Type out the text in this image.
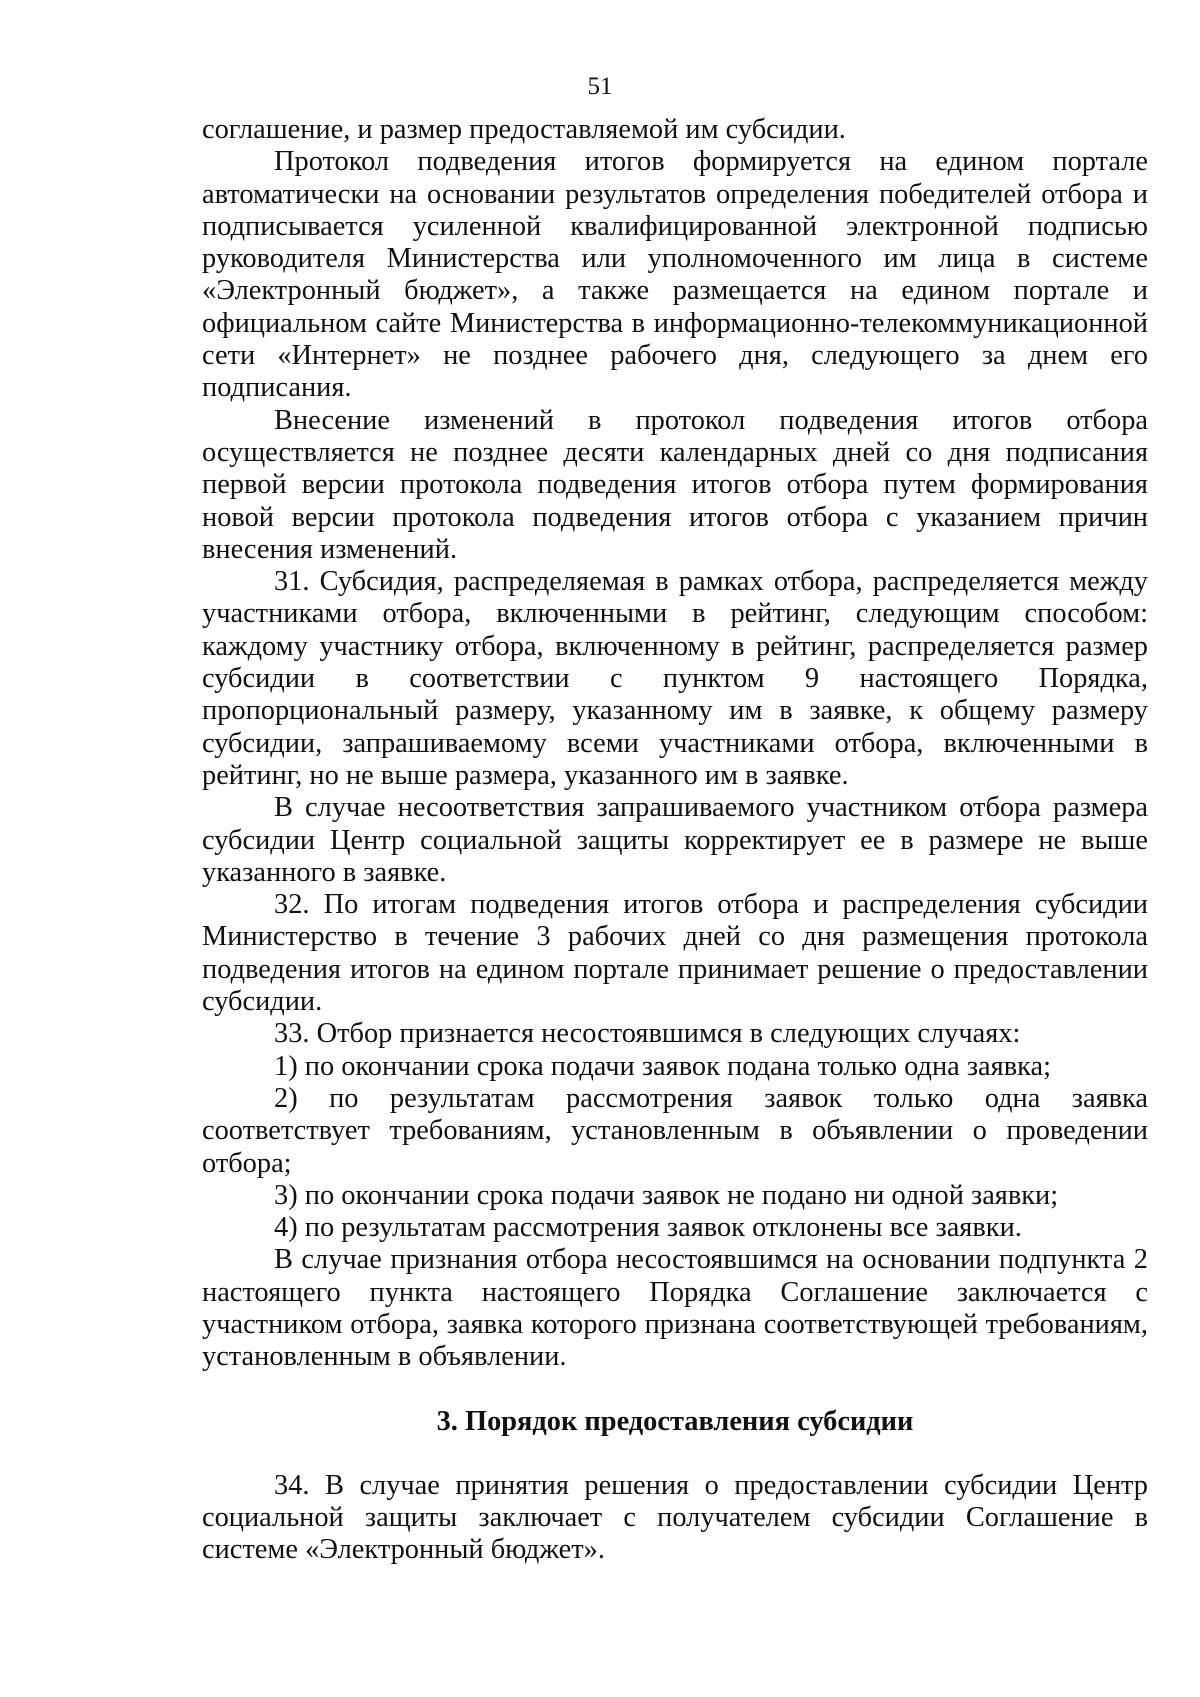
51

соглашение, и размер предоставляемой им субсидии.

Протокол подведения итогов формируется на едином портале автоматически на основании результатов определения победителей отбора и подписывается усиленной квалифицированной электронной подписью руководителя Министерства или уполномоченного им лица в системе «Электронный бюджет», а также размещается на едином портале и официальном сайте Министерства в информационно-телекоммуникационной сети «Интернет» не позднее рабочего дня, следующего за днем его подписания.

Внесение изменений в протокол подведения итогов отбора осуществляется не позднее десяти календарных дней со дня подписания первой версии протокола подведения итогов отбора путем формирования новой версии протокола подведения итогов отбора с указанием причин внесения изменений.

31. Субсидия, распределяемая в рамках отбора, распределяется между участниками отбора, включенными в рейтинг, следующим способом: каждому участнику отбора, включенному в рейтинг, распределяется размер субсидии в соответствии с пунктом 9 настоящего Порядка, пропорциональный размеру, указанному им в заявке, к общему размеру субсидии, запрашиваемому всеми участниками отбора, включенными в рейтинг, но не выше размера, указанного им в заявке.

В случае несоответствия запрашиваемого участником отбора размера субсидии Центр социальной защиты корректирует ее в размере не выше указанного в заявке.

32. По итогам подведения итогов отбора и распределения субсидии Министерство в течение 3 рабочих дней со дня размещения протокола подведения итогов на едином портале принимает решение о предоставлении субсидии.

33. Отбор признается несостоявшимся в следующих случаях:

1) по окончании срока подачи заявок подана только одна заявка;

2) по результатам рассмотрения заявок только одна заявка соответствует требованиям, установленным в объявлении о проведении отбора;

3) по окончании срока подачи заявок не подано ни одной заявки;

4) по результатам рассмотрения заявок отклонены все заявки.

В случае признания отбора несостоявшимся на основании подпункта 2 настоящего пункта настоящего Порядка Соглашение заключается с участником отбора, заявка которого признана соответствующей требованиям, установленным в объявлении.

3. Порядок предоставления субсидии

34. В случае принятия решения о предоставлении субсидии Центр социальной защиты заключает с получателем субсидии Соглашение в системе «Электронный бюджет».
